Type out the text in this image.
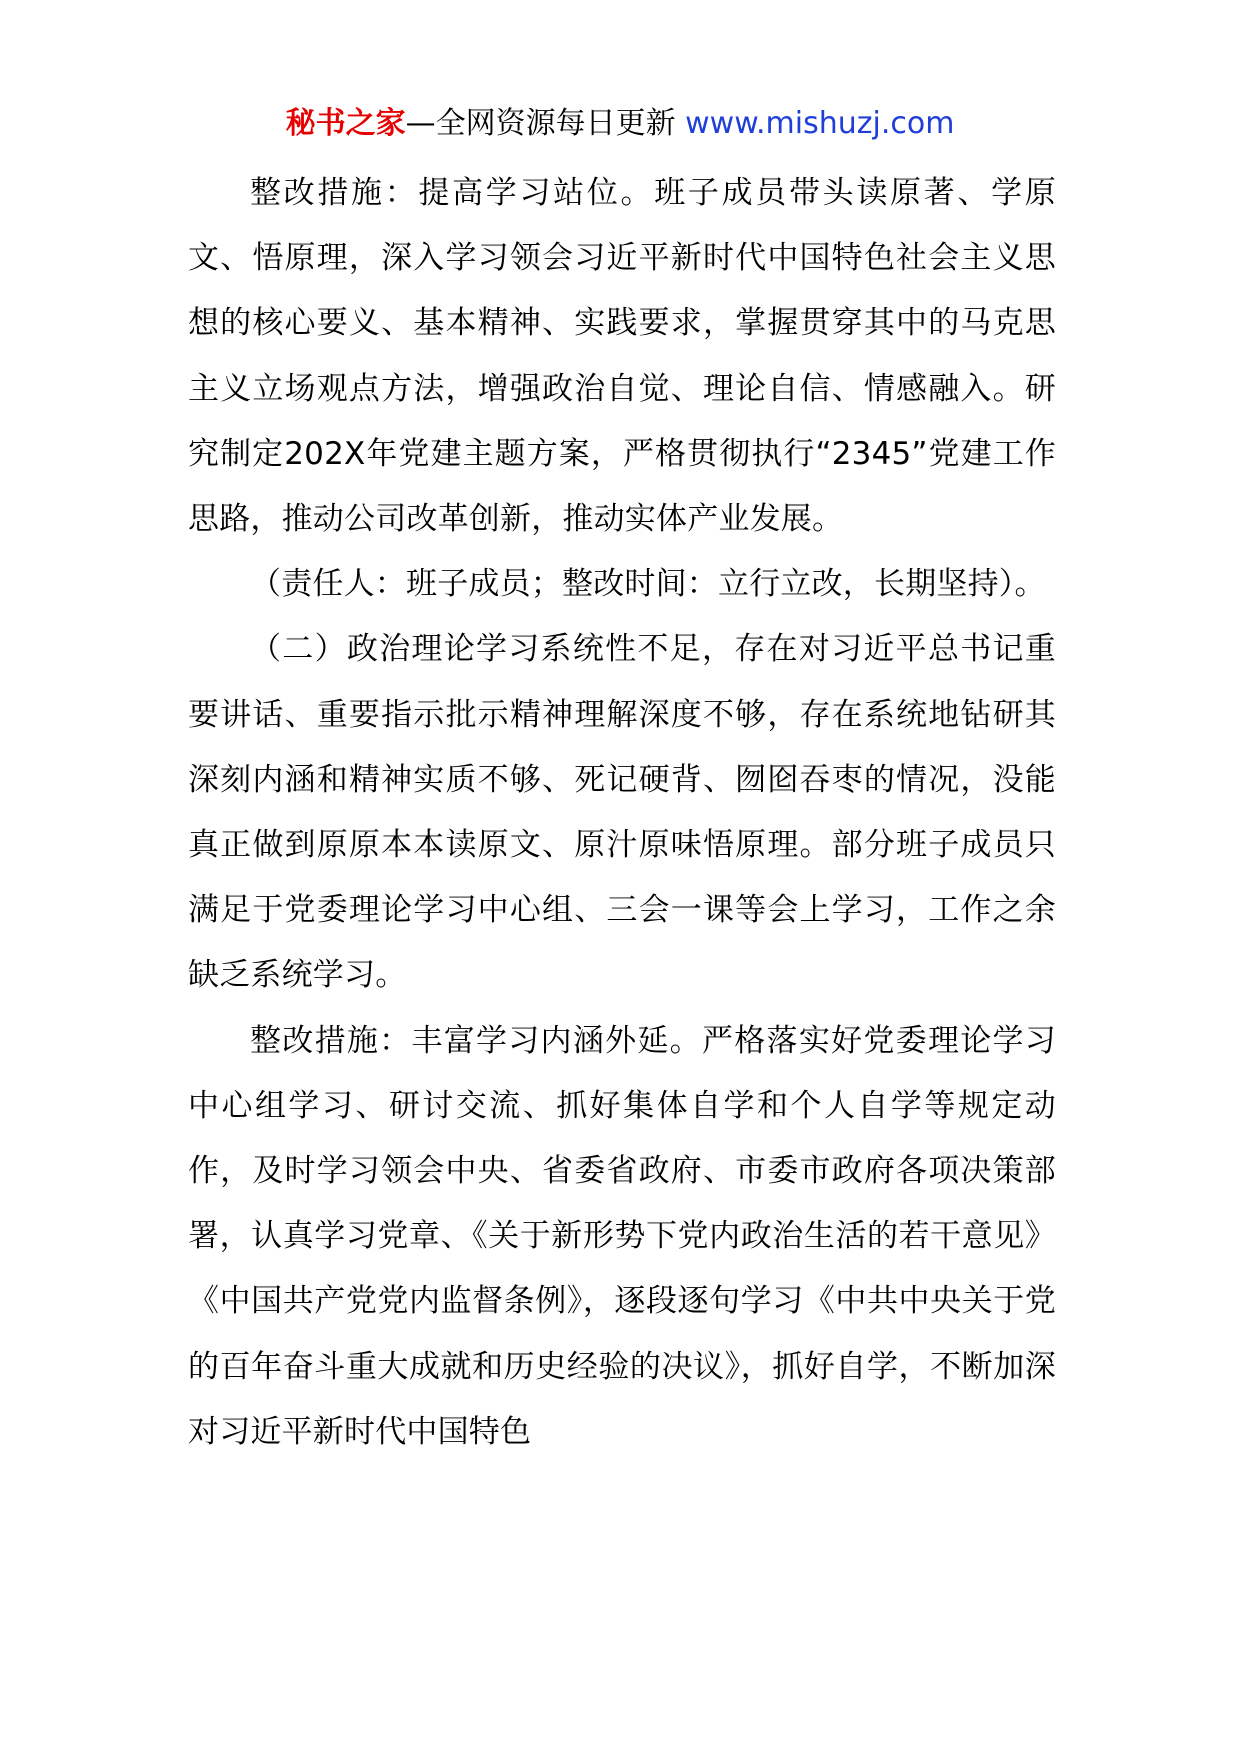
秘书之家—全网资源每日更新 www.mishuzj.com

整改措施：提高学习站位。班子成员带头读原著、学原文、悟原理，深入学习领会习近平新时代中国特色社会主义思想的核心要义、基本精神、实践要求，掌握贯穿其中的马克思主义立场观点方法，增强政治自觉、理论自信、情感融入。研究制定202X年党建主题方案，严格贯彻执行“2345”党建工作思路，推动公司改革创新，推动实体产业发展。

（责任人：班子成员；整改时间：立行立改，长期坚持）。

（二）政治理论学习系统性不足，存在对习近平总书记重要讲话、重要指示批示精神理解深度不够，存在系统地钻研其深刻内涵和精神实质不够、死记硬背、囫囵吞枣的情况，没能真正做到原原本本读原文、原汁原味悟原理。部分班子成员只满足于党委理论学习中心组、三会一课等会上学习，工作之余缺乏系统学习。

整改措施：丰富学习内涵外延。严格落实好党委理论学习中心组学习、研讨交流、抓好集体自学和个人自学等规定动作，及时学习领会中央、省委省政府、市委市政府各项决策部署，认真学习党章、《关于新形势下党内政治生活的若干意见》《中国共产党党内监督条例》，逐段逐句学习《中共中央关于党的百年奋斗重大成就和历史经验的决议》，抓好自学，不断加深对习近平新时代中国特色
